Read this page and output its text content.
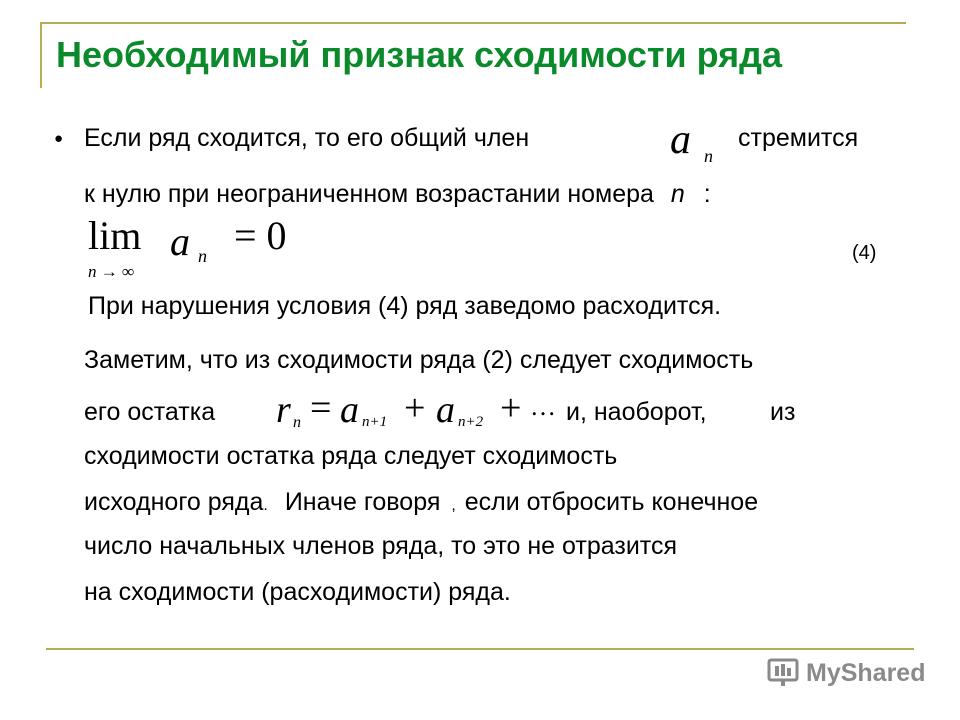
Необходимый признак сходимости ряда
● Если ряд сходится, то его общий член	a n
стремится
к нулю при неограниченном возрастании номера n :
lim
n → ∞
a n = 0	(4)
При нарушения условия (4) ряд заведомо расходится.
Заметим, что из сходимости ряда (2) следует сходимость
его остатка r n = a n+1 + a n+2 + … и, наоборот,	из
сходимости остатка ряда следует сходимость
исходного ряда. Иначе говоря , если отбросить конечное
число начальных членов ряда, то это не отразится
на сходимости (расходимости) ряда.
MyShared
